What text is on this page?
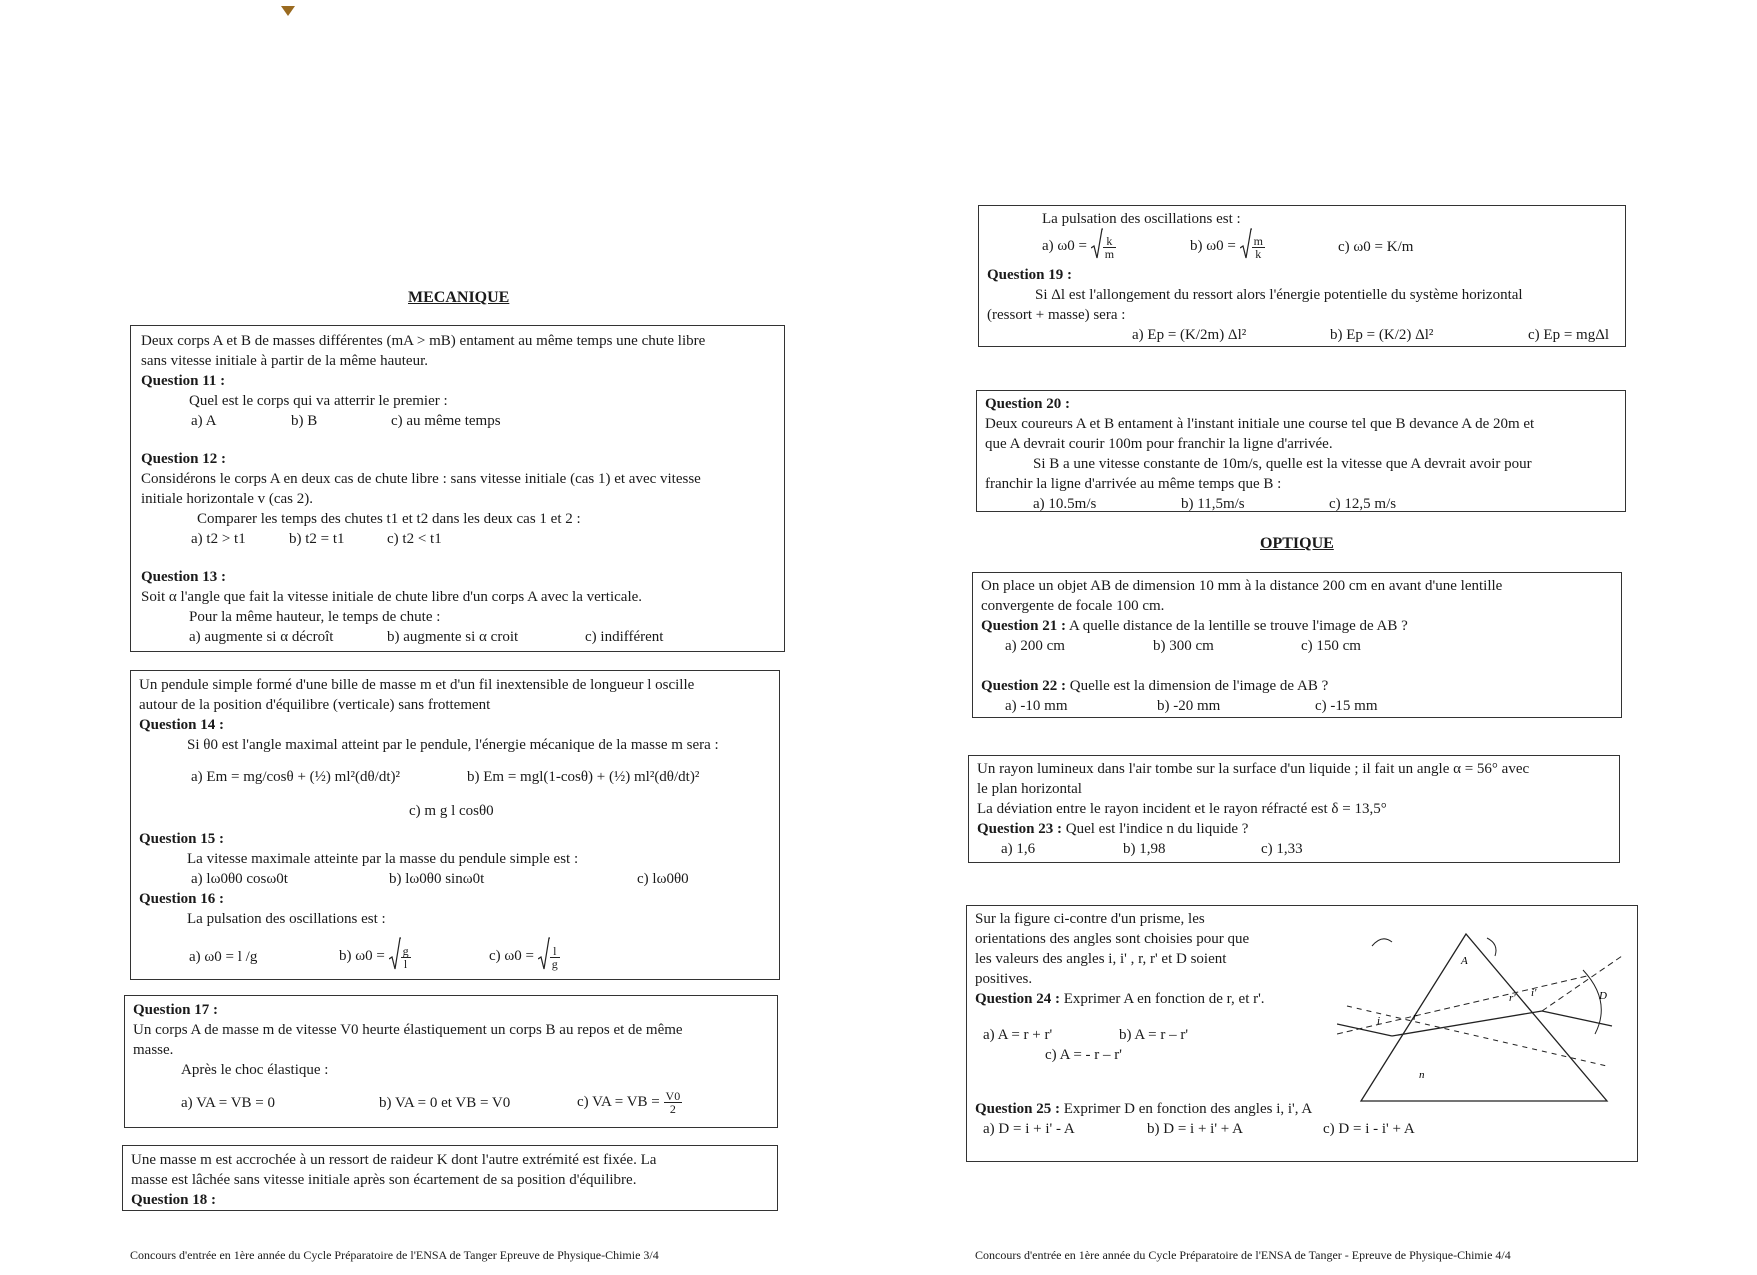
MECANIQUE
Deux corps A et B de masses différentes (mA > mB) entament au même temps une chute libre
sans vitesse initiale à partir de la même hauteur.
Question 11 :
Quel est le corps qui va atterrir le premier :
a) A	b) B	c) au même temps
Question 12 :
Considérons le corps A en deux cas de chute libre : sans vitesse initiale (cas 1) et avec vitesse
initiale horizontale v (cas 2).
Comparer les temps des chutes t1 et t2 dans les deux cas 1 et 2 :
a) t2 > t1	b) t2 = t1	c) t2 < t1
Question 13 :
Soit α l'angle que fait la vitesse initiale de chute libre d'un corps A avec la verticale.
Pour la même hauteur, le temps de chute :
a) augmente si α décroît	b) augmente si α croit	c) indifférent
Un pendule simple formé d'une bille de masse m et d'un fil inextensible de longueur l oscille
autour de la position d'équilibre (verticale) sans frottement
Question 14 :
Si θ0 est l'angle maximal atteint par le pendule, l'énergie mécanique de la masse m sera :
a) Em = mg/cosθ + (½) ml²(dθ/dt)²	b) Em = mgl(1-cosθ) + (½) ml²(dθ/dt)²
c) m g l cosθ0
Question 15 :
La vitesse maximale atteinte par la masse du pendule simple est :
a) lω0θ0 cosω0t	b) lω0θ0 sinω0t	c) lω0θ0
Question 16 :
La pulsation des oscillations est :
a) ω0 = l /g	b) $\omega 0 = \frac{g}{l}$	c) $\omega 0 = \frac{l}{g}$
Question 17 :
Un corps A de masse m de vitesse V0 heurte élastiquement un corps B au repos et de même
masse.
Après le choc élastique :
a) VA = VB = 0	b) VA = 0 et VB = V0	c) VA = VB = $\frac{V0}{2}$
Une masse m est accrochée à un ressort de raideur K dont l'autre extrémité est fixée. La
masse est lâchée sans vitesse initiale après son écartement de sa position d'équilibre.
Question 18 :
Concours d'entrée en 1ère année du Cycle Préparatoire de l'ENSA de Tanger Epreuve de Physique-Chimie 3/4
La pulsation des oscillations est :
a) $\omega 0 = \frac{k}{m}$	b) $\omega 0 = \frac{m}{k}$	c) ω0 = K/m
Question 19 :
Si Δl est l'allongement du ressort alors l'énergie potentielle du système horizontal
(ressort + masse) sera :
a) Ep = (K/2m) Δl²	b) Ep = (K/2) Δl²	c) Ep = mgΔl
Question 20 :
Deux coureurs A et B entament à l'instant initiale une course tel que B devance A de 20m et
que A devrait courir 100m pour franchir la ligne d'arrivée.
Si B a une vitesse constante de 10m/s, quelle est la vitesse que A devrait avoir pour
franchir la ligne d'arrivée au même temps que B :
a) 10.5m/s	b) 11,5m/s	c) 12,5 m/s
OPTIQUE
On place un objet AB de dimension 10 mm à la distance 200 cm en avant d'une lentille
convergente de focale 100 cm.
Question 21 : A quelle distance de la lentille se trouve l'image de AB ?
a) 200 cm	b) 300 cm	c) 150 cm
Question 22 : Quelle est la dimension de l'image de AB ?
a) -10 mm	b) -20 mm	c) -15 mm
Un rayon lumineux dans l'air tombe sur la surface d'un liquide ; il fait un angle α = 56° avec
le plan horizontal
La déviation entre le rayon incident et le rayon réfracté est δ = 13,5°
Question 23 : Quel est l'indice n du liquide ?
a) 1,6	b) 1,98	c) 1,33
Sur la figure ci-contre d'un prisme, les
orientations des angles sont choisies pour que
les valeurs des angles i, i' , r, r' et D soient
positives.
Question 24 : Exprimer A en fonction de r, et r'.
a) A = r + r'	b) A = r – r'
c) A = - r – r'
Question 25 : Exprimer D en fonction des angles i, i', A
a) D = i + i' - A	b) D = i + i' + A	c) D = i - i' + A
A
D
i	r
r' i'
n
Concours d'entrée en 1ère année du Cycle Préparatoire de l'ENSA de Tanger - Epreuve de Physique-Chimie 4/4
